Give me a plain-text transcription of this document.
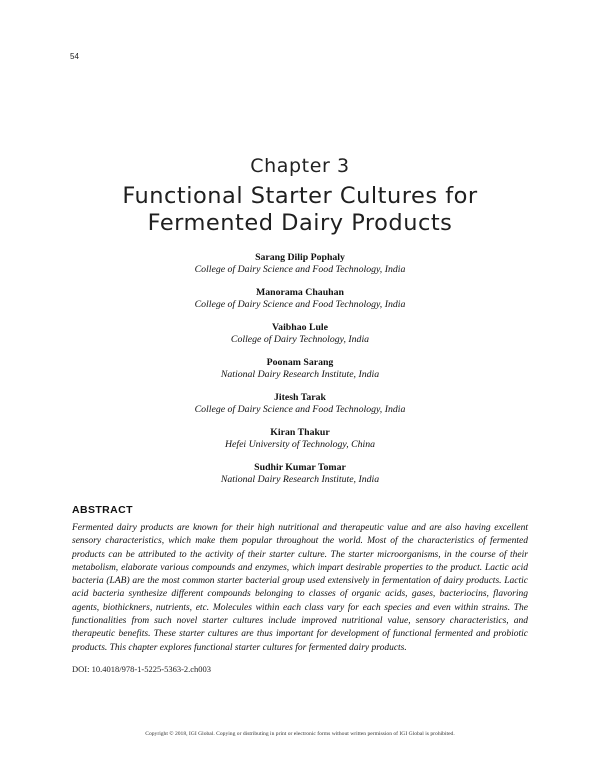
54
Chapter 3
Functional Starter Cultures for
Fermented Dairy Products
Sarang Dilip Pophaly
College of Dairy Science and Food Technology, India
Manorama Chauhan
College of Dairy Science and Food Technology, India
Vaibhao Lule
College of Dairy Technology, India
Poonam Sarang
National Dairy Research Institute, India
Jitesh Tarak
College of Dairy Science and Food Technology, India
Kiran Thakur
Hefei University of Technology, China
Sudhir Kumar Tomar
National Dairy Research Institute, India
ABSTRACT

Fermented dairy products are known for their high nutritional and therapeutic value and are also having excellent sensory characteristics, which make them popular throughout the world. Most of the characteristics of fermented products can be attributed to the activity of their starter culture. The starter microorganisms, in the course of their metabolism, elaborate various compounds and enzymes, which impart desirable properties to the product. Lactic acid bacteria (LAB) are the most common starter bacterial group used extensively in fermentation of dairy products. Lactic acid bacteria synthesize different compounds belonging to classes of organic acids, gases, bacteriocins, flavoring agents, biothickners, nutrients, etc. Molecules within each class vary for each species and even within strains. The functionalities from such novel starter cultures include improved nutritional value, sensory characteristics, and therapeutic benefits. These starter cultures are thus important for development of functional fermented and probiotic products. This chapter explores functional starter cultures for fermented dairy products.

DOI: 10.4018/978-1-5225-5363-2.ch003
Copyright © 2018, IGI Global. Copying or distributing in print or electronic forms without written permission of IGI Global is prohibited.
